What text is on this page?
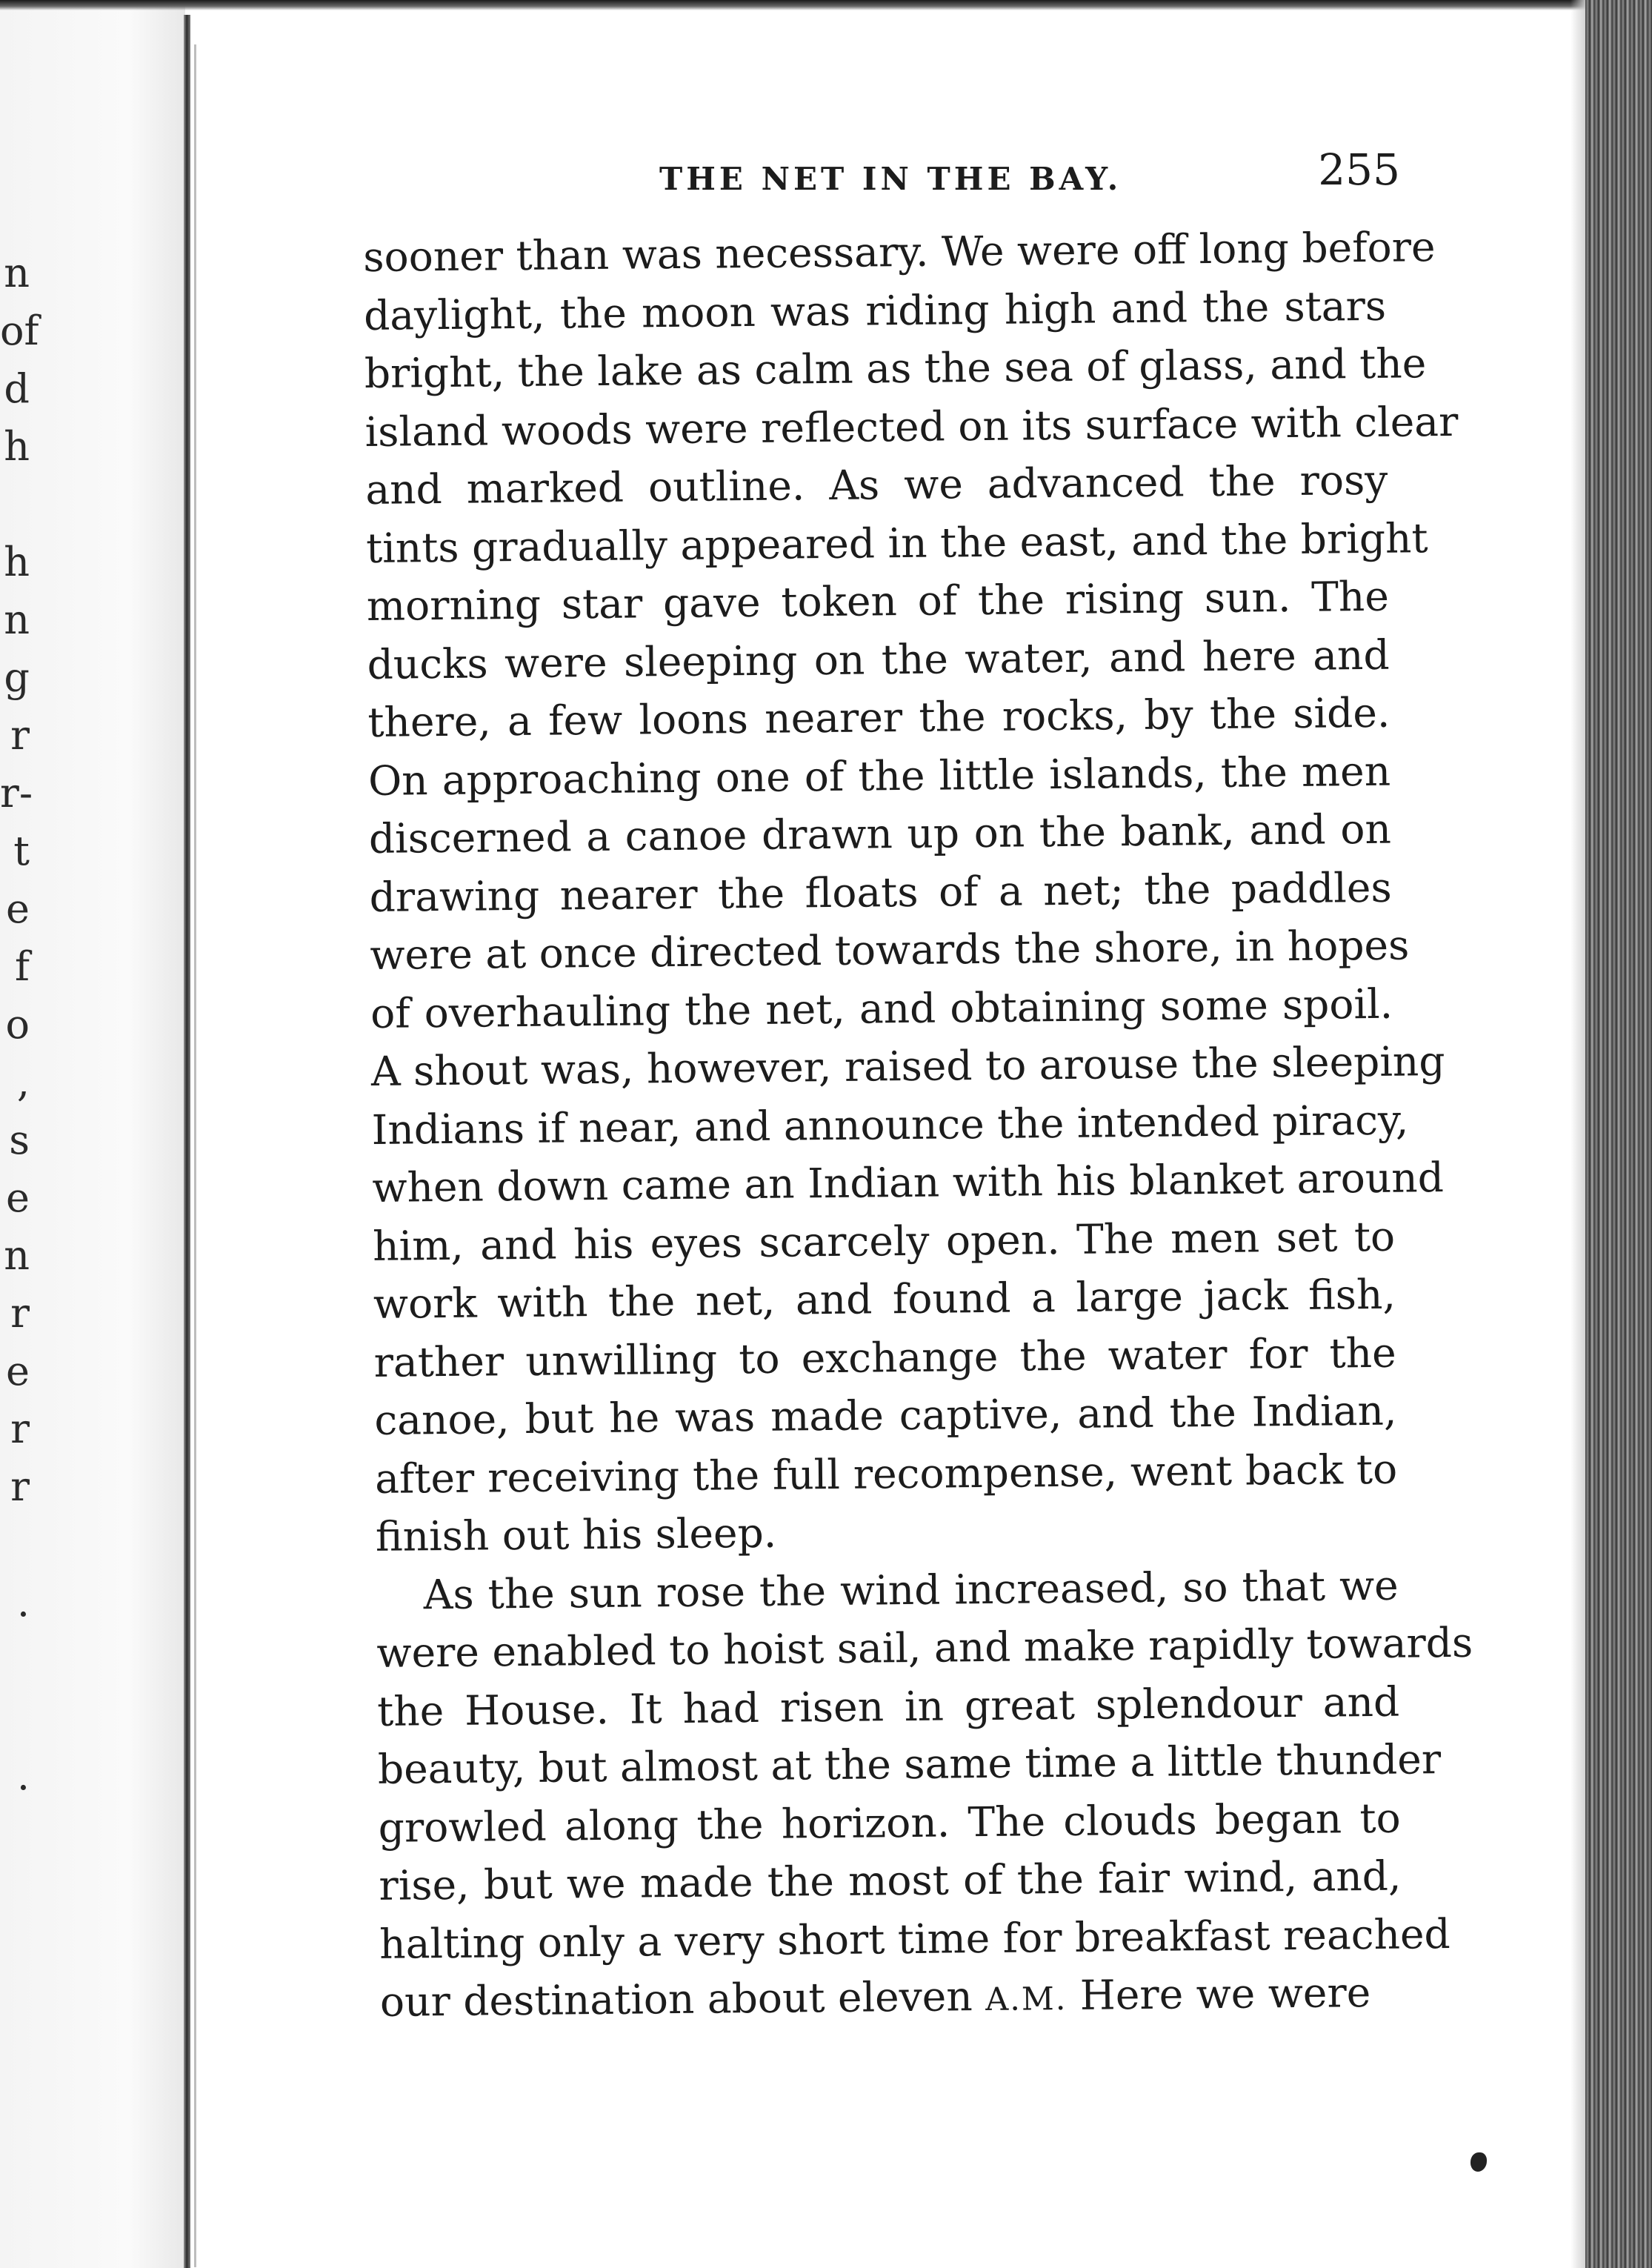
n
of
d
h
h
n
g
r
r-
t
e
f
o
,
s
e
n
r
e
r
r
.
.
THE NET IN THE BAY.	255
sooner than was necessary. We were off long before
daylight, the moon was riding high and the stars
bright, the lake as calm as the sea of glass, and the
island woods were reflected on its surface with clear
and marked outline. As we advanced the rosy
tints gradually appeared in the east, and the bright
morning star gave token of the rising sun. The
ducks were sleeping on the water, and here and
there, a few loons nearer the rocks, by the side.
On approaching one of the little islands, the men
discerned a canoe drawn up on the bank, and on
drawing nearer the floats of a net; the paddles
were at once directed towards the shore, in hopes
of overhauling the net, and obtaining some spoil.
A shout was, however, raised to arouse the sleeping
Indians if near, and announce the intended piracy,
when down came an Indian with his blanket around
him, and his eyes scarcely open. The men set to
work with the net, and found a large jack fish,
rather unwilling to exchange the water for the
canoe, but he was made captive, and the Indian,
after receiving the full recompense, went back to
finish out his sleep.
As the sun rose the wind increased, so that we
were enabled to hoist sail, and make rapidly towards
the House. It had risen in great splendour and
beauty, but almost at the same time a little thunder
growled along the horizon. The clouds began to
rise, but we made the most of the fair wind, and,
halting only a very short time for breakfast reached
our destination about eleven A.M. Here we were
